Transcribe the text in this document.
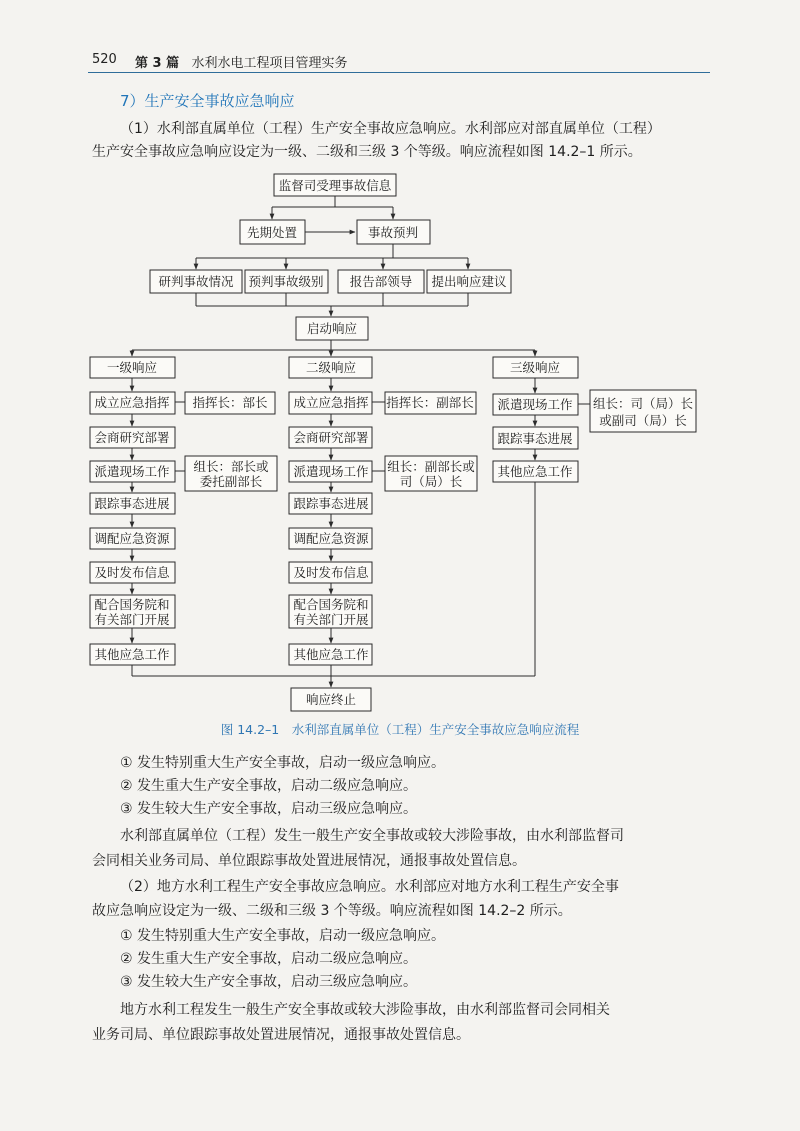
520 第 3 篇 水利水电工程项目管理实务
7）生产安全事故应急响应
（1）水利部直属单位（工程）生产安全事故应急响应。水利部应对部直属单位（工程）
生产安全事故应急响应设定为一级、二级和三级 3 个等级。响应流程如图 14.2–1 所示。
监督司受理事故信息
先期处置	事故预判
研判事故情况 预判事故级别 报告部领导 提出响应建议
启动响应
一级响应
成立应急指挥
会商研究部署
派遣现场工作
跟踪事态进展
调配应急资源
及时发布信息
配合国务院和
有关部门开展
其他应急工作
指挥长：部长
组长：部长或
委托副部长
二级响应
成立应急指挥
会商研究部署
派遣现场工作
跟踪事态进展
调配应急资源
及时发布信息
配合国务院和
有关部门开展
其他应急工作
指挥长：副部长
组长：副部长或
司（局）长
三级响应
派遣现场工作
跟踪事态进展
其他应急工作
组长：司（局）长
或副司（局）长
响应终止
图 14.2–1　水利部直属单位（工程）生产安全事故应急响应流程
① 发生特别重大生产安全事故，启动一级应急响应。
② 发生重大生产安全事故，启动二级应急响应。
③ 发生较大生产安全事故，启动三级应急响应。
水利部直属单位（工程）发生一般生产安全事故或较大涉险事故，由水利部监督司
会同相关业务司局、单位跟踪事故处置进展情况，通报事故处置信息。
（2）地方水利工程生产安全事故应急响应。水利部应对地方水利工程生产安全事
故应急响应设定为一级、二级和三级 3 个等级。响应流程如图 14.2–2 所示。
① 发生特别重大生产安全事故，启动一级应急响应。
② 发生重大生产安全事故，启动二级应急响应。
③ 发生较大生产安全事故，启动三级应急响应。
地方水利工程发生一般生产安全事故或较大涉险事故，由水利部监督司会同相关
业务司局、单位跟踪事故处置进展情况，通报事故处置信息。
